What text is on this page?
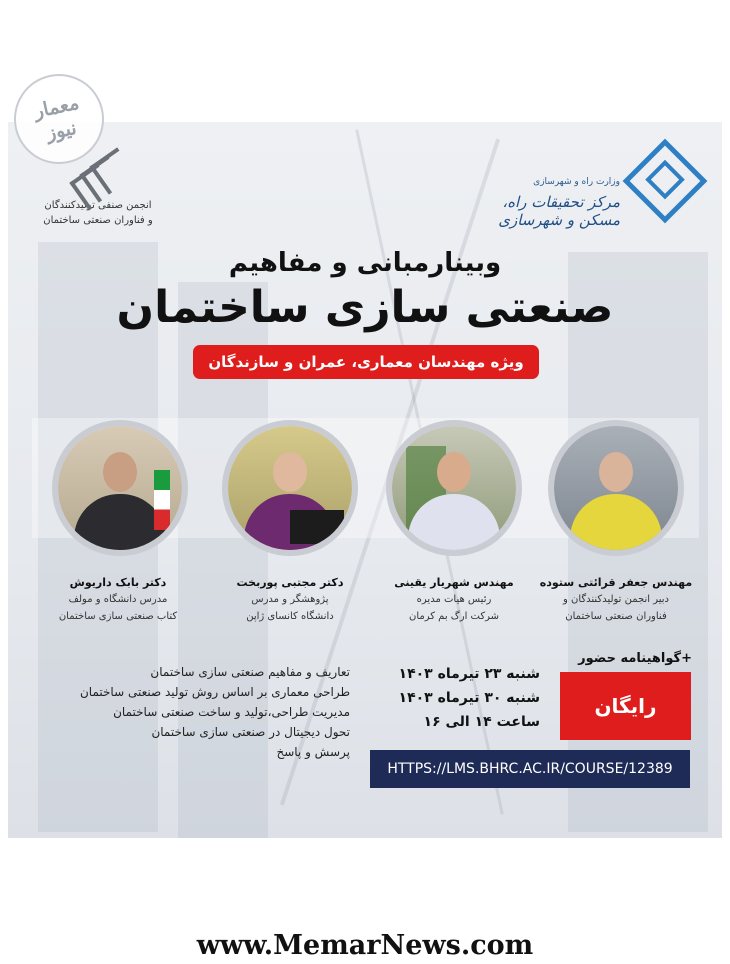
معمار
نیوز
انجمن صنفی تولیدکنندگان
و فناوران صنعتی ساختمان
وزارت راه و شهرسازی
مرکز تحقیقات راه، مسکن و شهرسازی
وبینارمبانی و مفاهیم
صنعتی سازی ساختمان
ویژه مهندسان معماری، عمران و سازندگان
مهندس جعفر قرائتی ستوده
دبیر انجمن تولیدکنندگان و
فناوران صنعتی ساختمان
مهندس شهریار یقینی
رئیس هیات مدیره
شرکت ارگ بم کرمان
دکتر مجتبی پوربخت
پژوهشگر و مدرس
دانشگاه کانسای ژاپن
دکتر بابک داریوش
مدرس دانشگاه و مولف
کتاب صنعتی سازی ساختمان
تعاریف و مفاهیم صنعتی سازی ساختمان
طراحی معماری بر اساس روش تولید صنعتی ساختمان
مدیریت طراحی،تولید و ساخت صنعتی ساختمان
تحول دیجیتال در صنعتی سازی ساختمان
پرسش و پاسخ
شنبه ۲۳ تیرماه ۱۴۰۳
شنبه ۳۰ تیرماه ۱۴۰۳
ساعت ۱۴ الی ۱۶
+گواهینامه حضور
رایگان
HTTPS://LMS.BHRC.AC.IR/COURSE/12389
www.MemarNews.com
